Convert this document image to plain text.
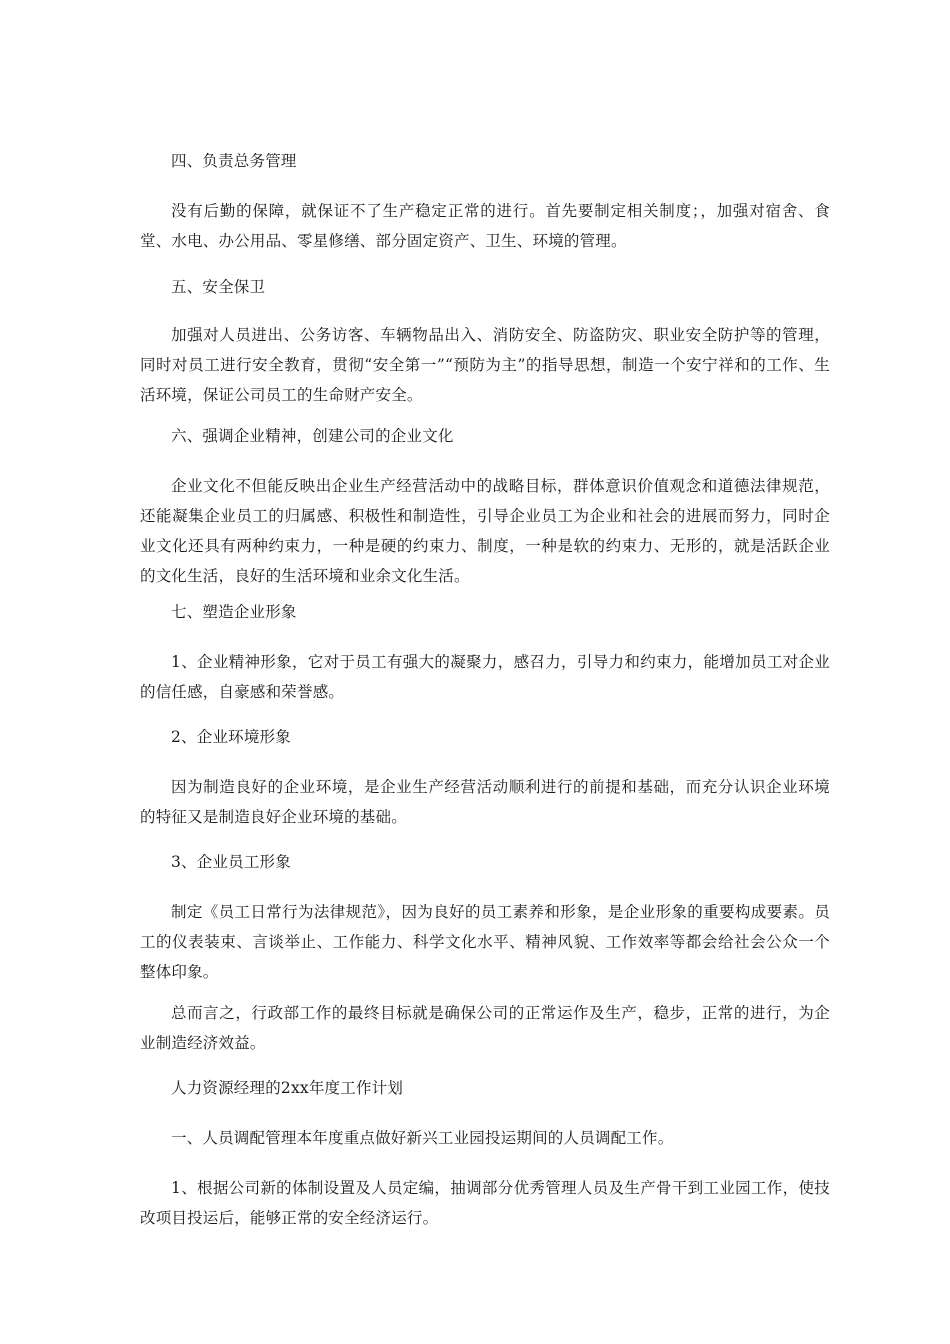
四、负责总务管理

没有后勤的保障，就保证不了生产稳定正常的进行。首先要制定相关制度；，加强对宿舍、食堂、水电、办公用品、零星修缮、部分固定资产、卫生、环境的管理。

五、安全保卫

加强对人员进出、公务访客、车辆物品出入、消防安全、防盗防灾、职业安全防护等的管理，同时对员工进行安全教育，贯彻“安全第一”“预防为主”的指导思想，制造一个安宁祥和的工作、生活环境，保证公司员工的生命财产安全。

六、强调企业精神，创建公司的企业文化

企业文化不但能反映出企业生产经营活动中的战略目标，群体意识价值观念和道德法律规范，还能凝集企业员工的归属感、积极性和制造性，引导企业员工为企业和社会的进展而努力，同时企业文化还具有两种约束力，一种是硬的约束力、制度，一种是软的约束力、无形的，就是活跃企业的文化生活，良好的生活环境和业余文化生活。

七、塑造企业形象

1、企业精神形象，它对于员工有强大的凝聚力，感召力，引导力和约束力，能增加员工对企业的信任感，自豪感和荣誉感。

2、企业环境形象

因为制造良好的企业环境，是企业生产经营活动顺利进行的前提和基础，而充分认识企业环境的特征又是制造良好企业环境的基础。

3、企业员工形象

制定《员工日常行为法律规范》，因为良好的员工素养和形象，是企业形象的重要构成要素。员工的仪表装束、言谈举止、工作能力、科学文化水平、精神风貌、工作效率等都会给社会公众一个整体印象。

总而言之，行政部工作的最终目标就是确保公司的正常运作及生产，稳步，正常的进行，为企业制造经济效益。

人力资源经理的2xx年度工作计划

一、人员调配管理本年度重点做好新兴工业园投运期间的人员调配工作。

1、根据公司新的体制设置及人员定编，抽调部分优秀管理人员及生产骨干到工业园工作，使技改项目投运后，能够正常的安全经济运行。
